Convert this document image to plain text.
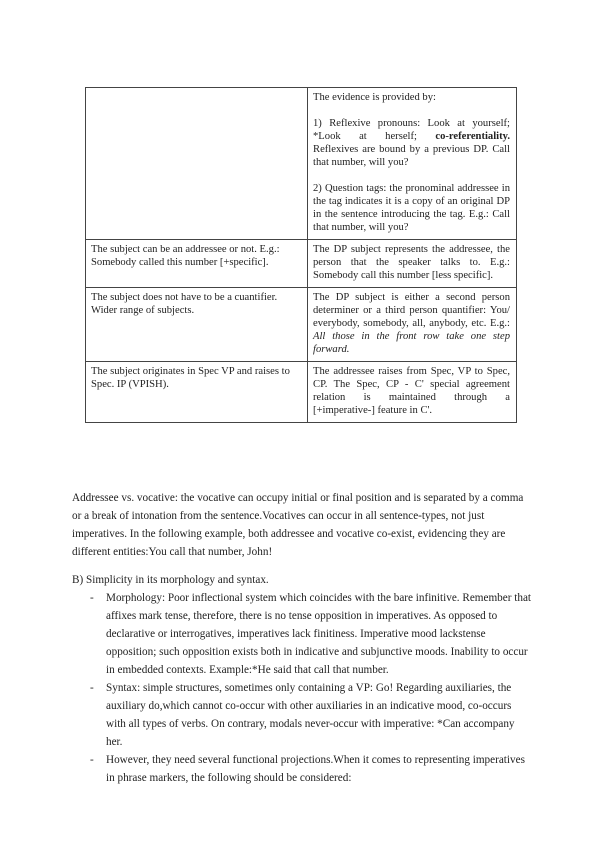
	The evidence is provided by:

1) Reflexive pronouns: Look at yourself; *Look at herself; co-referentiality. Reflexives are bound by a previous DP. Call that number, will you?

2) Question tags: the pronominal addressee in the tag indicates it is a copy of an original DP in the sentence introducing the tag. E.g.: Call that number, will you?

The subject can be an addressee or not. E.g.: Somebody called this number [+specific].	The DP subject represents the addressee, the person that the speaker talks to. E.g.: Somebody call this number [less specific].

The subject does not have to be a cuantifier. Wider range of subjects.	The DP subject is either a second person determiner or a third person quantifier: You/ everybody, somebody, all, anybody, etc. E.g.: All those in the front row take one step forward.

The subject originates in Spec VP and raises to Spec. IP (VPISH).	The addressee raises from Spec, VP to Spec, CP. The Spec, CP - C' special agreement relation is maintained through a [+imperative-] feature in C'.

Addressee vs. vocative: the vocative can occupy initial or final position and is separated by a comma or a break of intonation from the sentence.Vocatives can occur in all sentence-types, not just imperatives. In the following example, both addressee and vocative co-exist, evidencing they are different entities:You call that number, John!

B) Simplicity in its morphology and syntax.

- Morphology: Poor inflectional system which coincides with the bare infinitive. Remember that affixes mark tense, therefore, there is no tense opposition in imperatives. As opposed to declarative or interrogatives, imperatives lack finitiness. Imperative mood lackstense opposition; such opposition exists both in indicative and subjunctive moods. Inability to occur in embedded contexts. Example:*He said that call that number.
- Syntax: simple structures, sometimes only containing a VP: Go! Regarding auxiliaries, the auxiliary do,which cannot co-occur with other auxiliaries in an indicative mood, co-occurs with all types of verbs. On contrary, modals never-occur with imperative: *Can accompany her.
- However, they need several functional projections.When it comes to representing imperatives in phrase markers, the following should be considered:
